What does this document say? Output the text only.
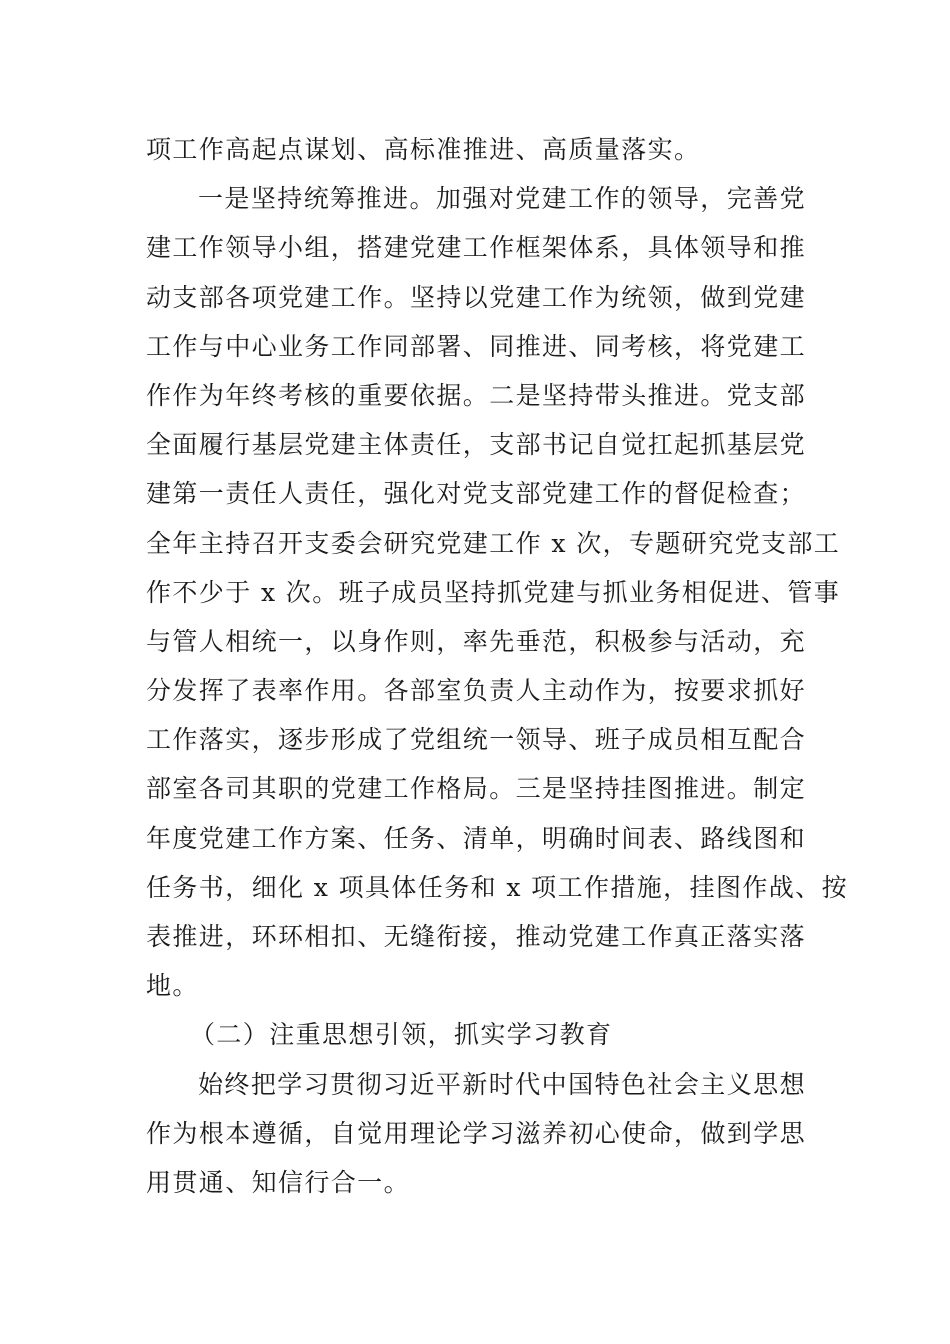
项工作高起点谋划、高标准推进、高质量落实。
一是坚持统筹推进。加强对党建工作的领导，完善党
建工作领导小组，搭建党建工作框架体系，具体领导和推
动支部各项党建工作。坚持以党建工作为统领，做到党建
工作与中心业务工作同部署、同推进、同考核，将党建工
作作为年终考核的重要依据。二是坚持带头推进。党支部
全面履行基层党建主体责任，支部书记自觉扛起抓基层党
建第一责任人责任，强化对党支部党建工作的督促检查；
全年主持召开支委会研究党建工作 x 次，专题研究党支部工
作不少于 x 次。班子成员坚持抓党建与抓业务相促进、管事
与管人相统一，以身作则，率先垂范，积极参与活动，充
分发挥了表率作用。各部室负责人主动作为，按要求抓好
工作落实，逐步形成了党组统一领导、班子成员相互配合
部室各司其职的党建工作格局。三是坚持挂图推进。制定
年度党建工作方案、任务、清单，明确时间表、路线图和
任务书，细化 x 项具体任务和 x 项工作措施，挂图作战、按
表推进，环环相扣、无缝衔接，推动党建工作真正落实落
地。
（二）注重思想引领，抓实学习教育
始终把学习贯彻习近平新时代中国特色社会主义思想
作为根本遵循，自觉用理论学习滋养初心使命，做到学思
用贯通、知信行合一。
